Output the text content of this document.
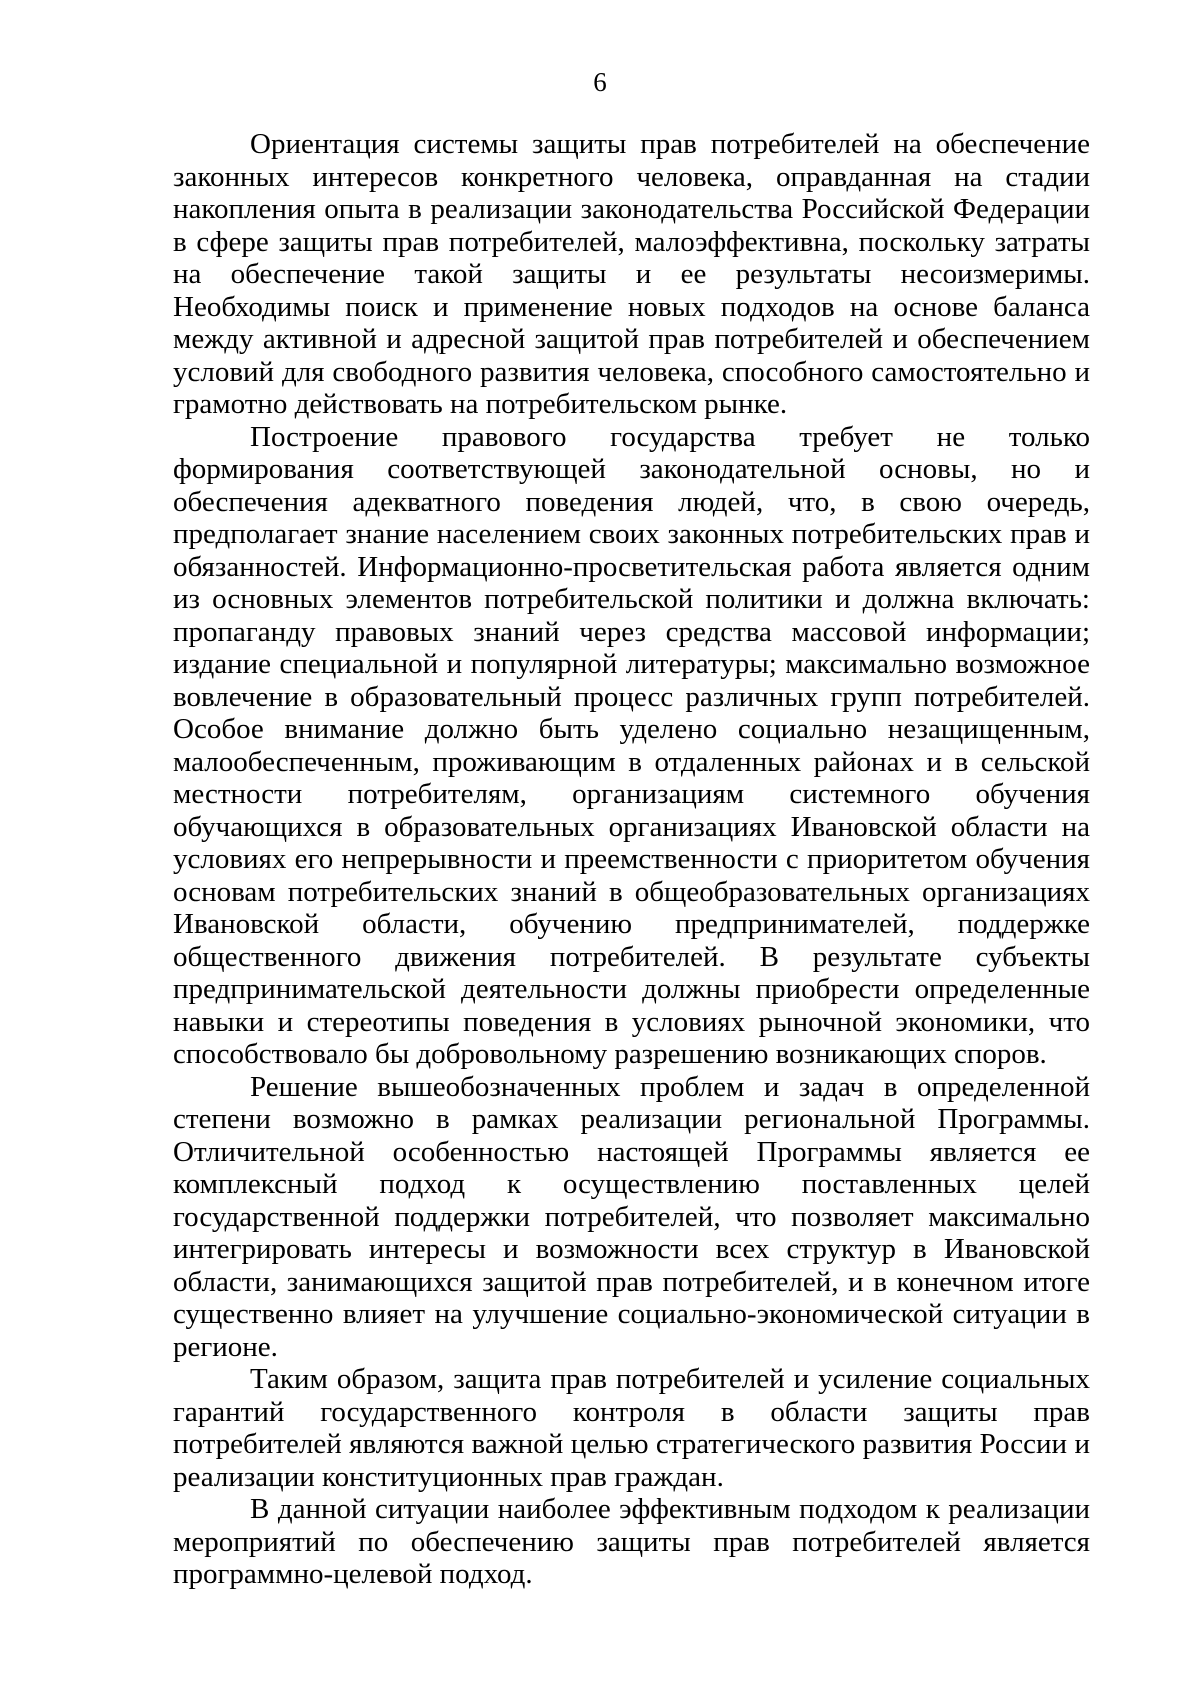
6

Ориентация системы защиты прав потребителей на обеспечение законных интересов конкретного человека, оправданная на стадии накопления опыта в реализации законодательства Российской Федерации в сфере защиты прав потребителей, малоэффективна, поскольку затраты на обеспечение такой защиты и ее результаты несоизмеримы. Необходимы поиск и применение новых подходов на основе баланса между активной и адресной защитой прав потребителей и обеспечением условий для свободного развития человека, способного самостоятельно и грамотно действовать на потребительском рынке.

Построение правового государства требует не только формирования соответствующей законодательной основы, но и обеспечения адекватного поведения людей, что, в свою очередь, предполагает знание населением своих законных потребительских прав и обязанностей. Информационно-просветительская работа является одним из основных элементов потребительской политики и должна включать: пропаганду правовых знаний через средства массовой информации; издание специальной и популярной литературы; максимально возможное вовлечение в образовательный процесс различных групп потребителей. Особое внимание должно быть уделено социально незащищенным, малообеспеченным, проживающим в отдаленных районах и в сельской местности потребителям, организациям системного обучения обучающихся в образовательных организациях Ивановской области на условиях его непрерывности и преемственности с приоритетом обучения основам потребительских знаний в общеобразовательных организациях Ивановской области, обучению предпринимателей, поддержке общественного движения потребителей. В результате субъекты предпринимательской деятельности должны приобрести определенные навыки и стереотипы поведения в условиях рыночной экономики, что способствовало бы добровольному разрешению возникающих споров.

Решение вышеобозначенных проблем и задач в определенной степени возможно в рамках реализации региональной Программы. Отличительной особенностью настоящей Программы является ее комплексный подход к осуществлению поставленных целей государственной поддержки потребителей, что позволяет максимально интегрировать интересы и возможности всех структур в Ивановской области, занимающихся защитой прав потребителей, и в конечном итоге существенно влияет на улучшение социально-экономической ситуации в регионе.

Таким образом, защита прав потребителей и усиление социальных гарантий государственного контроля в области защиты прав потребителей являются важной целью стратегического развития России и реализации конституционных прав граждан.

В данной ситуации наиболее эффективным подходом к реализации мероприятий по обеспечению защиты прав потребителей является программно-целевой подход.
